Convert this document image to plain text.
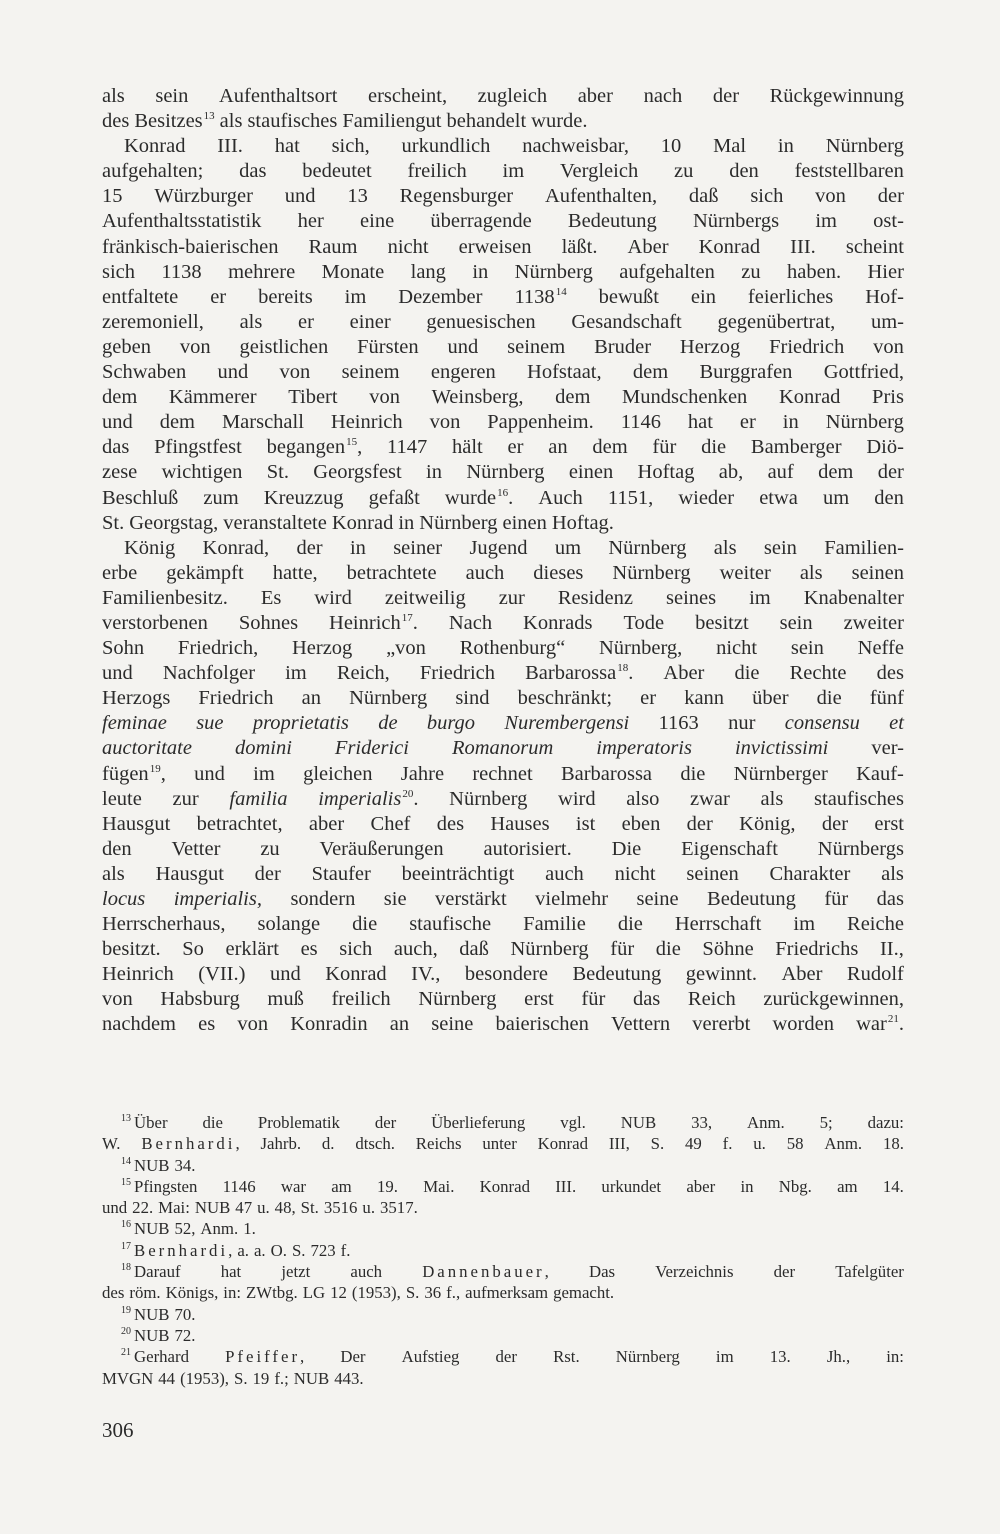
als sein Aufenthaltsort erscheint, zugleich aber nach der Rückgewinnung
des Besitzes$^{13}$ als staufisches Familiengut behandelt wurde.
Konrad III. hat sich, urkundlich nachweisbar, 10 Mal in Nürnberg
aufgehalten; das bedeutet freilich im Vergleich zu den feststellbaren
15 Würzburger und 13 Regensburger Aufenthalten, daß sich von der
Aufenthaltsstatistik her eine überragende Bedeutung Nürnbergs im ost-
fränkisch-baierischen Raum nicht erweisen läßt. Aber Konrad III. scheint
sich 1138 mehrere Monate lang in Nürnberg aufgehalten zu haben. Hier
entfaltete er bereits im Dezember 1138$^{14}$ bewußt ein feierliches Hof-
zeremoniell, als er einer genuesischen Gesandschaft gegenübertrat, um-
geben von geistlichen Fürsten und seinem Bruder Herzog Friedrich von
Schwaben und von seinem engeren Hofstaat, dem Burggrafen Gottfried,
dem Kämmerer Tibert von Weinsberg, dem Mundschenken Konrad Pris
und dem Marschall Heinrich von Pappenheim. 1146 hat er in Nürnberg
das Pfingstfest begangen$^{15}$, 1147 hält er an dem für die Bamberger Diö-
zese wichtigen St. Georgsfest in Nürnberg einen Hoftag ab, auf dem der
Beschluß zum Kreuzzug gefaßt wurde$^{16}$. Auch 1151, wieder etwa um den
St. Georgstag, veranstaltete Konrad in Nürnberg einen Hoftag.
König Konrad, der in seiner Jugend um Nürnberg als sein Familien-
erbe gekämpft hatte, betrachtete auch dieses Nürnberg weiter als seinen
Familienbesitz. Es wird zeitweilig zur Residenz seines im Knabenalter
verstorbenen Sohnes Heinrich$^{17}$. Nach Konrads Tode besitzt sein zweiter
Sohn Friedrich, Herzog „von Rothenburg“ Nürnberg, nicht sein Neffe
und Nachfolger im Reich, Friedrich Barbarossa$^{18}$. Aber die Rechte des
Herzogs Friedrich an Nürnberg sind beschränkt; er kann über die fünf
feminae sue proprietatis de burgo Nurembergensi 1163 nur consensu et
auctoritate domini Friderici Romanorum imperatoris invictissimi ver-
fügen$^{19}$, und im gleichen Jahre rechnet Barbarossa die Nürnberger Kauf-
leute zur familia imperialis$^{20}$. Nürnberg wird also zwar als staufisches
Hausgut betrachtet, aber Chef des Hauses ist eben der König, der erst
den Vetter zu Veräußerungen autorisiert. Die Eigenschaft Nürnbergs
als Hausgut der Staufer beeinträchtigt auch nicht seinen Charakter als
locus imperialis, sondern sie verstärkt vielmehr seine Bedeutung für das
Herrscherhaus, solange die staufische Familie die Herrschaft im Reiche
besitzt. So erklärt es sich auch, daß Nürnberg für die Söhne Friedrichs II.,
Heinrich (VII.) und Konrad IV., besondere Bedeutung gewinnt. Aber Rudolf
von Habsburg muß freilich Nürnberg erst für das Reich zurückgewinnen,
nachdem es von Konradin an seine baierischen Vettern vererbt worden war$^{21}$.
$^{13}$ Über die Problematik der Überlieferung vgl. NUB 33, Anm. 5; dazu:
W. Bernhardi, Jahrb. d. dtsch. Reichs unter Konrad III, S. 49 f. u. 58 Anm. 18.
$^{14}$ NUB 34.
$^{15}$ Pfingsten 1146 war am 19. Mai. Konrad III. urkundet aber in Nbg. am 14.
und 22. Mai: NUB 47 u. 48, St. 3516 u. 3517.
$^{16}$ NUB 52, Anm. 1.
$^{17}$ Bernhardi, a. a. O. S. 723 f.
$^{18}$ Darauf hat jetzt auch Dannenbauer, Das Verzeichnis der Tafelgüter
des röm. Königs, in: ZWtbg. LG 12 (1953), S. 36 f., aufmerksam gemacht.
$^{19}$ NUB 70.
$^{20}$ NUB 72.
$^{21}$ Gerhard Pfeiffer, Der Aufstieg der Rst. Nürnberg im 13. Jh., in:
MVGN 44 (1953), S. 19 f.; NUB 443.
306
